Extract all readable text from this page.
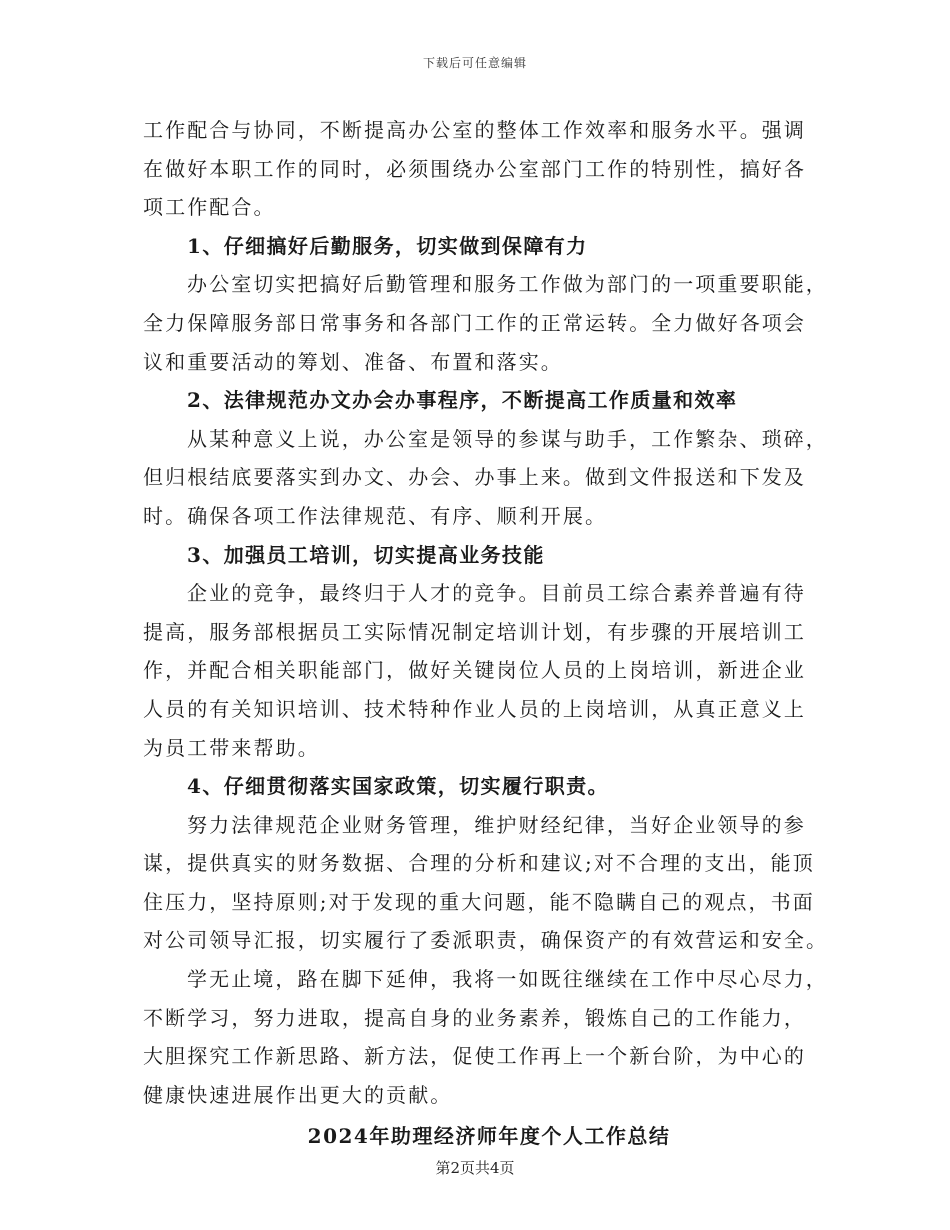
下载后可任意编辑
工作配合与协同，不断提高办公室的整体工作效率和服务水平。强调
在做好本职工作的同时，必须围绕办公室部门工作的特别性，搞好各
项工作配合。
1、仔细搞好后勤服务，切实做到保障有力
办公室切实把搞好后勤管理和服务工作做为部门的一项重要职能，
全力保障服务部日常事务和各部门工作的正常运转。全力做好各项会
议和重要活动的筹划、准备、布置和落实。
2、法律规范办文办会办事程序，不断提高工作质量和效率
从某种意义上说，办公室是领导的参谋与助手，工作繁杂、琐碎，
但归根结底要落实到办文、办会、办事上来。做到文件报送和下发及
时。确保各项工作法律规范、有序、顺利开展。
3、加强员工培训，切实提高业务技能
企业的竞争，最终归于人才的竞争。目前员工综合素养普遍有待
提高，服务部根据员工实际情况制定培训计划，有步骤的开展培训工
作，并配合相关职能部门，做好关键岗位人员的上岗培训，新进企业
人员的有关知识培训、技术特种作业人员的上岗培训，从真正意义上
为员工带来帮助。
4、仔细贯彻落实国家政策，切实履行职责。
努力法律规范企业财务管理，维护财经纪律，当好企业领导的参
谋，提供真实的财务数据、合理的分析和建议;对不合理的支出，能顶
住压力，坚持原则;对于发现的重大问题，能不隐瞒自己的观点，书面
对公司领导汇报，切实履行了委派职责，确保资产的有效营运和安全。
学无止境，路在脚下延伸，我将一如既往继续在工作中尽心尽力，
不断学习，努力进取，提高自身的业务素养，锻炼自己的工作能力，
大胆探究工作新思路、新方法，促使工作再上一个新台阶，为中心的
健康快速进展作出更大的贡献。
2024年助理经济师年度个人工作总结
第2页共4页
